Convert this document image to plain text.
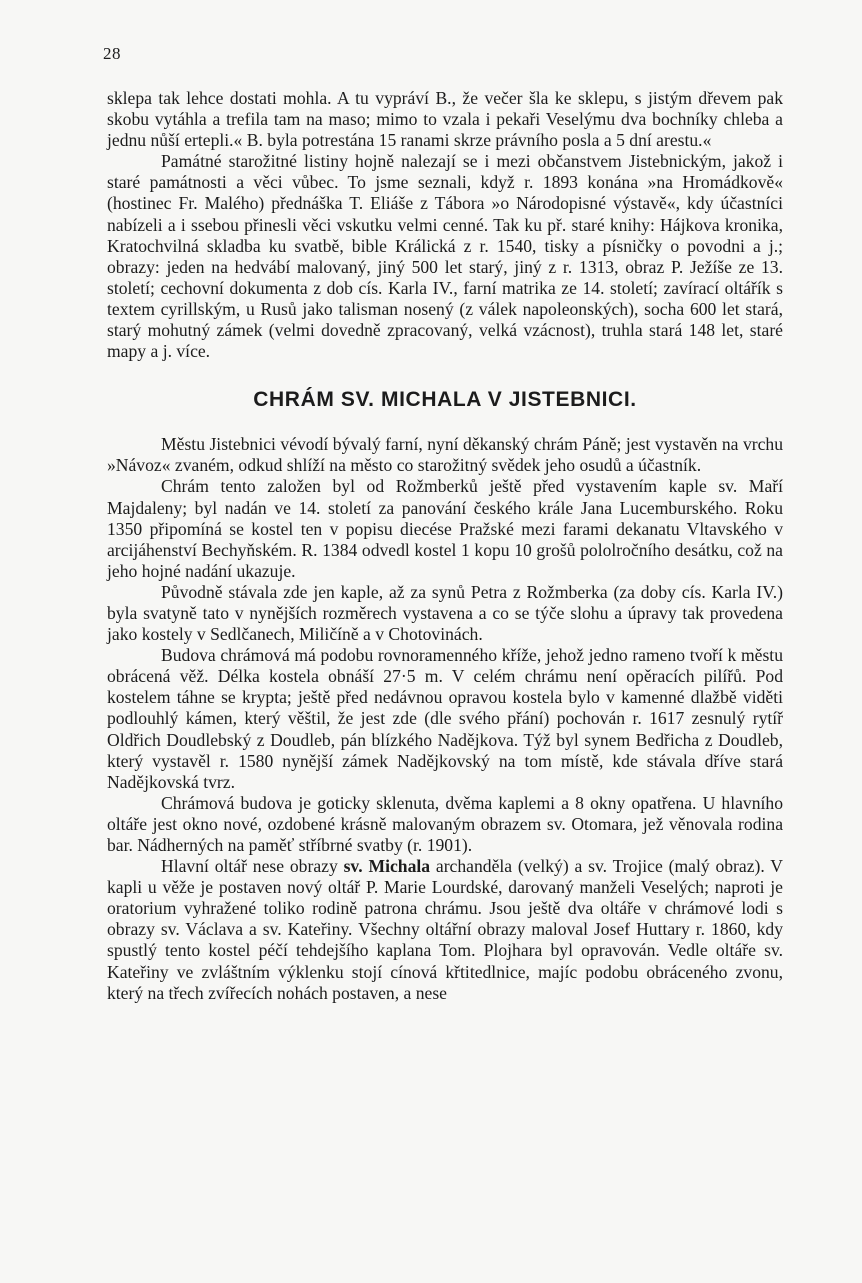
28

sklepa tak lehce dostati mohla. A tu vypráví B., že večer šla ke sklepu, s jistým dřevem pak skobu vytáhla a trefila tam na maso; mimo to vzala i pekaři Veselýmu dva bochníky chleba a jednu nůší ertepli.« B. byla potrestána 15 ranami skrze právního posla a 5 dní arestu.«

Památné starožitné listiny hojně nalezají se i mezi občanstvem Jistebnickým, jakož i staré památnosti a věci vůbec. To jsme seznali, když r. 1893 konána »na Hromádkově« (hostinec Fr. Malého) přednáška T. Eliáše z Tábora »o Národopisné výstavě«, kdy účastníci nabízeli a i ssebou přinesli věci vskutku velmi cenné. Tak ku př. staré knihy: Hájkova kronika, Kratochvilná skladba ku svatbě, bible Králická z r. 1540, tisky a písničky o povodni a j.; obrazy: jeden na hedvábí malovaný, jiný 500 let starý, jiný z r. 1313, obraz P. Ježíše ze 13. století; cechovní dokumenta z dob cís. Karla IV., farní matrika ze 14. století; zavírací oltářík s textem cyrillským, u Rusů jako talisman nosený (z válek napoleonských), socha 600 let stará, starý mohutný zámek (velmi dovedně zpracovaný, velká vzácnost), truhla stará 148 let, staré mapy a j. více.

CHRÁM SV. MICHALA V JISTEBNICI.

Městu Jistebnici vévodí bývalý farní, nyní děkanský chrám Páně; jest vystavěn na vrchu »Návoz« zvaném, odkud shlíží na město co starožitný svědek jeho osudů a účastník.

Chrám tento založen byl od Rožmberků ještě před vystavením kaple sv. Maří Majdaleny; byl nadán ve 14. století za panování českého krále Jana Lucemburského. Roku 1350 připomíná se kostel ten v popisu diecése Pražské mezi farami dekanatu Vltavského v arcijáhenství Bechyňském. R. 1384 odvedl kostel 1 kopu 10 grošů pololročního desátku, což na jeho hojné nadání ukazuje.

Původně stávala zde jen kaple, až za synů Petra z Rožmberka (za doby cís. Karla IV.) byla svatyně tato v nynějších rozměrech vystavena a co se týče slohu a úpravy tak provedena jako kostely v Sedlčanech, Miličíně a v Chotovinách.

Budova chrámová má podobu rovnoramenného kříže, jehož jedno rameno tvoří k městu obrácená věž. Délka kostela obnáší 27·5 m. V celém chrámu není opěracích pilířů. Pod kostelem táhne se krypta; ještě před nedávnou opravou kostela bylo v kamenné dlažbě viděti podlouhlý kámen, který věštil, že jest zde (dle svého přání) pochován r. 1617 zesnulý rytíř Oldřich Doudlebský z Doudleb, pán blízkého Nadějkova. Týž byl synem Bedřicha z Doudleb, který vystavěl r. 1580 nynější zámek Nadějkovský na tom místě, kde stávala dříve stará Nadějkovská tvrz.

Chrámová budova je goticky sklenuta, dvěma kaplemi a 8 okny opatřena. U hlavního oltáře jest okno nové, ozdobené krásně malovaným obrazem sv. Otomara, jež věnovala rodina bar. Nádherných na paměť stříbrné svatby (r. 1901).

Hlavní oltář nese obrazy sv. Michala archanděla (velký) a sv. Trojice (malý obraz). V kapli u věže je postaven nový oltář P. Marie Lourdské, darovaný manželi Veselých; naproti je oratorium vyhražené toliko rodině patrona chrámu. Jsou ještě dva oltáře v chrámové lodi s obrazy sv. Václava a sv. Kateřiny. Všechny oltářní obrazy maloval Josef Huttary r. 1860, kdy spustlý tento kostel péčí tehdejšího kaplana Tom. Plojhara byl opravován. Vedle oltáře sv. Kateřiny ve zvláštním výklenku stojí cínová křtitedlnice, majíc podobu obráceného zvonu, který na třech zvířecích nohách postaven, a nese
